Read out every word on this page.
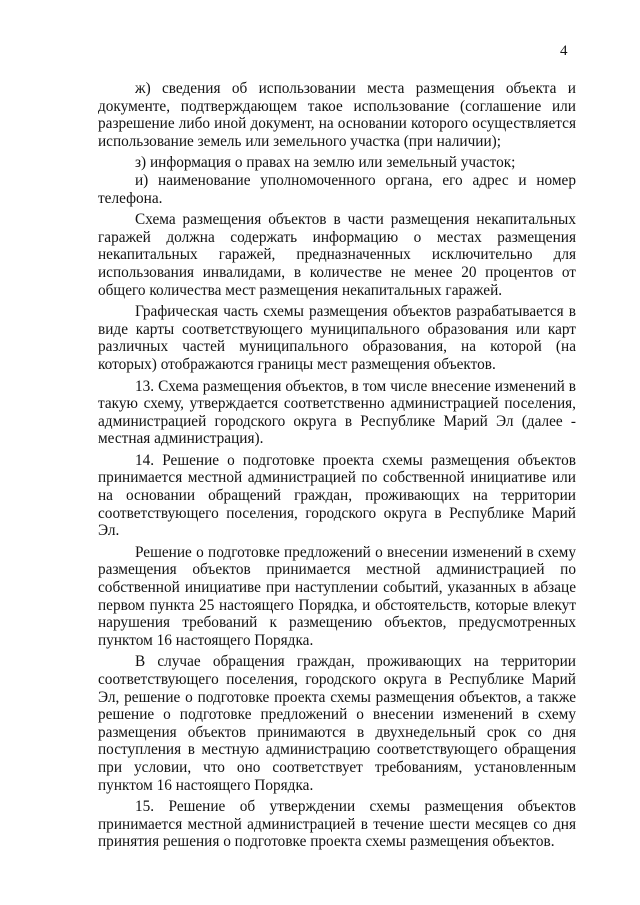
4

ж) сведения об использовании места размещения объекта и документе, подтверждающем такое использование (соглашение или разрешение либо иной документ, на основании которого осуществляется использование земель или земельного участка (при наличии);

з) информация о правах на землю или земельный участок;

и) наименование уполномоченного органа, его адрес и номер телефона.

Схема размещения объектов в части размещения некапитальных гаражей должна содержать информацию о местах размещения некапитальных гаражей, предназначенных исключительно для использования инвалидами, в количестве не менее 20 процентов от общего количества мест размещения некапитальных гаражей.

Графическая часть схемы размещения объектов разрабатывается в виде карты соответствующего муниципального образования или карт различных частей муниципального образования, на которой (на которых) отображаются границы мест размещения объектов.

13. Схема размещения объектов, в том числе внесение изменений в такую схему, утверждается соответственно администрацией поселения, администрацией городского округа в Республике Марий Эл (далее - местная администрация).

14. Решение о подготовке проекта схемы размещения объектов принимается местной администрацией по собственной инициативе или на основании обращений граждан, проживающих на территории соответствующего поселения, городского округа в Республике Марий Эл.

Решение о подготовке предложений о внесении изменений в схему размещения объектов принимается местной администрацией по собственной инициативе при наступлении событий, указанных в абзаце первом пункта 25 настоящего Порядка, и обстоятельств, которые влекут нарушения требований к размещению объектов, предусмотренных пунктом 16 настоящего Порядка.

В случае обращения граждан, проживающих на территории соответствующего поселения, городского округа в Республике Марий Эл, решение о подготовке проекта схемы размещения объектов, а также решение о подготовке предложений о внесении изменений в схему размещения объектов принимаются в двухнедельный срок со дня поступления в местную администрацию соответствующего обращения при условии, что оно соответствует требованиям, установленным пунктом 16 настоящего Порядка.

15. Решение об утверждении схемы размещения объектов принимается местной администрацией в течение шести месяцев со дня принятия решения о подготовке проекта схемы размещения объектов.
